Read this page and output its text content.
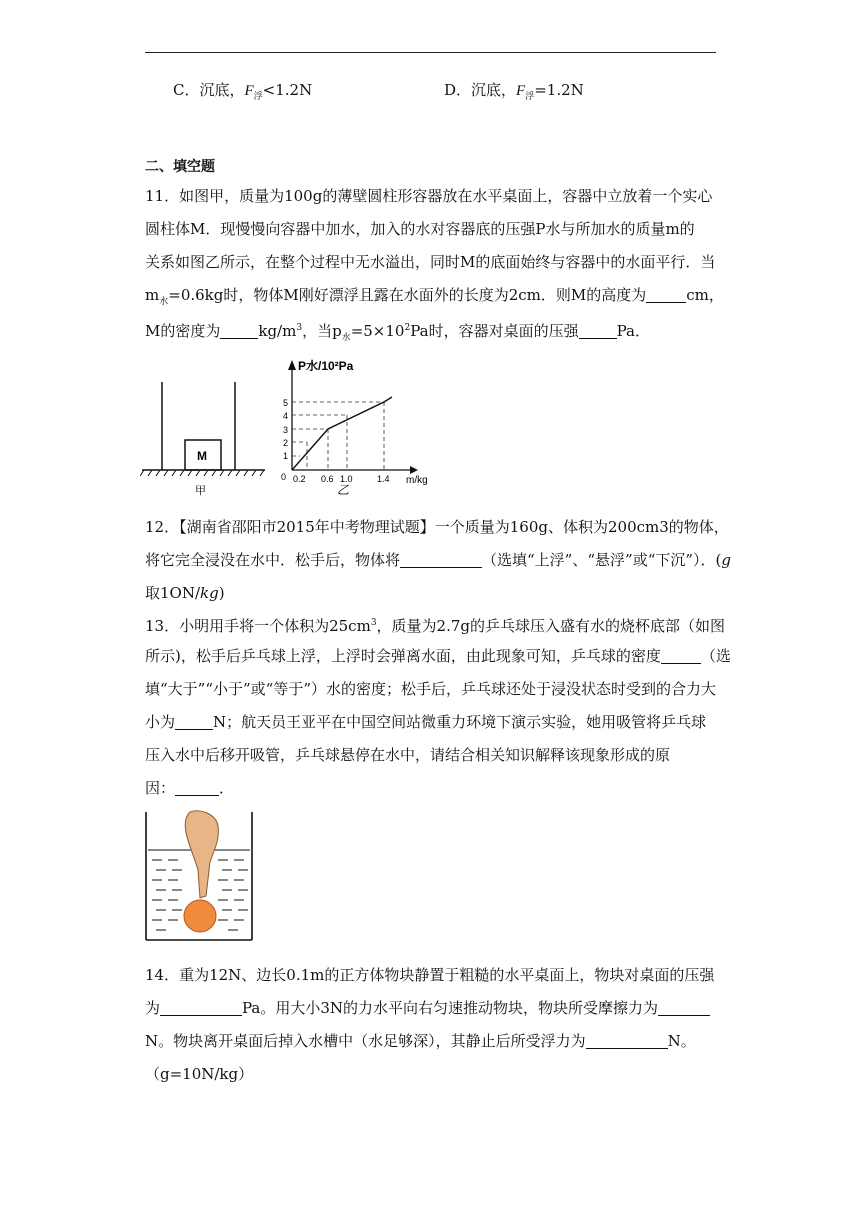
C．沉底，$F_浮<1.2N$	D．沉底，$F_浮=1.2N$
二、填空题
11．如图甲，质量为100g的薄壁圆柱形容器放在水平桌面上，容器中立放着一个实心
圆柱体M．现慢慢向容器中加水，加入的水对容器底的压强P水与所加水的质量m的
关系如图乙所示，在整个过程中无水溢出，同时M的底面始终与容器中的水面平行．当
$m_水=0.6kg$时，物体M刚好漂浮且露在水面外的长度为2cm．则M的高度为	cm，
M的密度为	$kg/m^3$，当$p_水=5\times 10^2Pa$时，容器对桌面的压强	Pa．
M
甲
P水/10²Pa
m/kg
0
1
2
3
4
5
0.2 0.6 1.0	1.4
乙
12．【湖南省邵阳市2015年中考物理试题】一个质量为160g、体积为200cm3的物体，
将它完全浸没在水中．松手后，物体将	（选填“上浮”、“悬浮”或“下沉”）．(g
取1ON/kg)
13．小明用手将一个体积为$25cm^3$，质量为2.7g的乒乓球压入盛有水的烧杯底部（如图
所示)，松手后乒乓球上浮，上浮时会弹离水面，由此现象可知，乒乓球的密度	（选
填“大于”“小于”或“等于”）水的密度；松手后，乒乓球还处于浸没状态时受到的合力大
小为	N；航天员王亚平在中国空间站微重力环境下演示实验，她用吸管将乒乓球
压入水中后移开吸管，乒乓球悬停在水中，请结合相关知识解释该现象形成的原
因：	．
14．重为12N、边长0.1m的正方体物块静置于粗糙的水平桌面上，物块对桌面的压强
为	Pa。用大小3N的力水平向右匀速推动物块，物块所受摩擦力为
N。物块离开桌面后掉入水槽中（水足够深），其静止后所受浮力为	N。
（g=10N/kg）
